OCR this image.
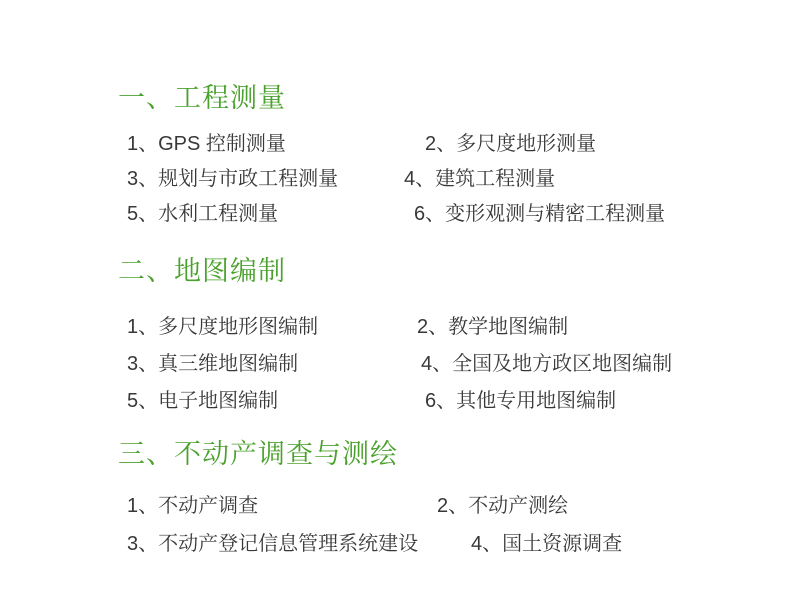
一、工程测量
1、GPS 控制测量	2、多尺度地形测量
3、规划与市政工程测量	4、建筑工程测量
5、水利工程测量	6、变形观测与精密工程测量
二、地图编制
1、多尺度地形图编制	2、教学地图编制
3、真三维地图编制	4、全国及地方政区地图编制
5、电子地图编制	6、其他专用地图编制
三、不动产调查与测绘
1、不动产调查	2、不动产测绘
3、不动产登记信息管理系统建设	4、国土资源调查
